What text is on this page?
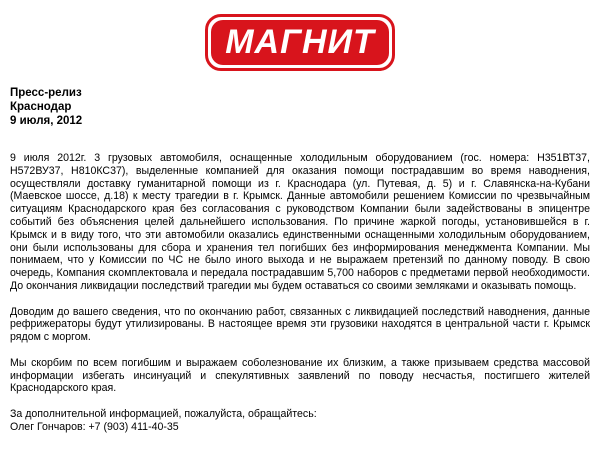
МАГНИТ
Пресс-релиз
Краснодар
9 июля, 2012

9 июля 2012г. 3 грузовых автомобиля, оснащенные холодильным оборудованием (гос. номера: Н351ВТ37, Н572ВУ37, Н810КС37), выделенные компанией для оказания помощи пострадавшим во время наводнения, осуществляли доставку гуманитарной помощи из г. Краснодара (ул. Путевая, д. 5) и г. Славянска-на-Кубани (Маевское шоссе, д.18) к месту трагедии в г. Крымск. Данные автомобили решением Комиссии по чрезвычайным ситуациям Краснодарского края без согласования с руководством Компании были задействованы в эпицентре событий без объяснения целей дальнейшего использования. По причине жаркой погоды, установившейся в г. Крымск и в виду того, что эти автомобили оказались единственными оснащенными холодильным оборудованием, они были использованы для сбора и хранения тел погибших без информирования менеджмента Компании. Мы понимаем, что у Комиссии по ЧС не было иного выхода и не выражаем претензий по данному поводу. В свою очередь, Компания скомплектовала и передала пострадавшим 5,700 наборов с предметами первой необходимости. До окончания ликвидации последствий трагедии мы будем оставаться со своими земляками и оказывать помощь.

Доводим до вашего сведения, что по окончанию работ, связанных с ликвидацией последствий наводнения, данные рефрижераторы будут утилизированы. В настоящее время эти грузовики находятся в центральной части г. Крымск рядом с моргом.

Мы скорбим по всем погибшим и выражаем соболезнование их близким, а также призываем средства массовой информации избегать инсинуаций и спекулятивных заявлений по поводу несчастья, постигшего жителей Краснодарского края.

За дополнительной информацией, пожалуйста, обращайтесь:
Олег Гончаров: +7 (903) 411-40-35
